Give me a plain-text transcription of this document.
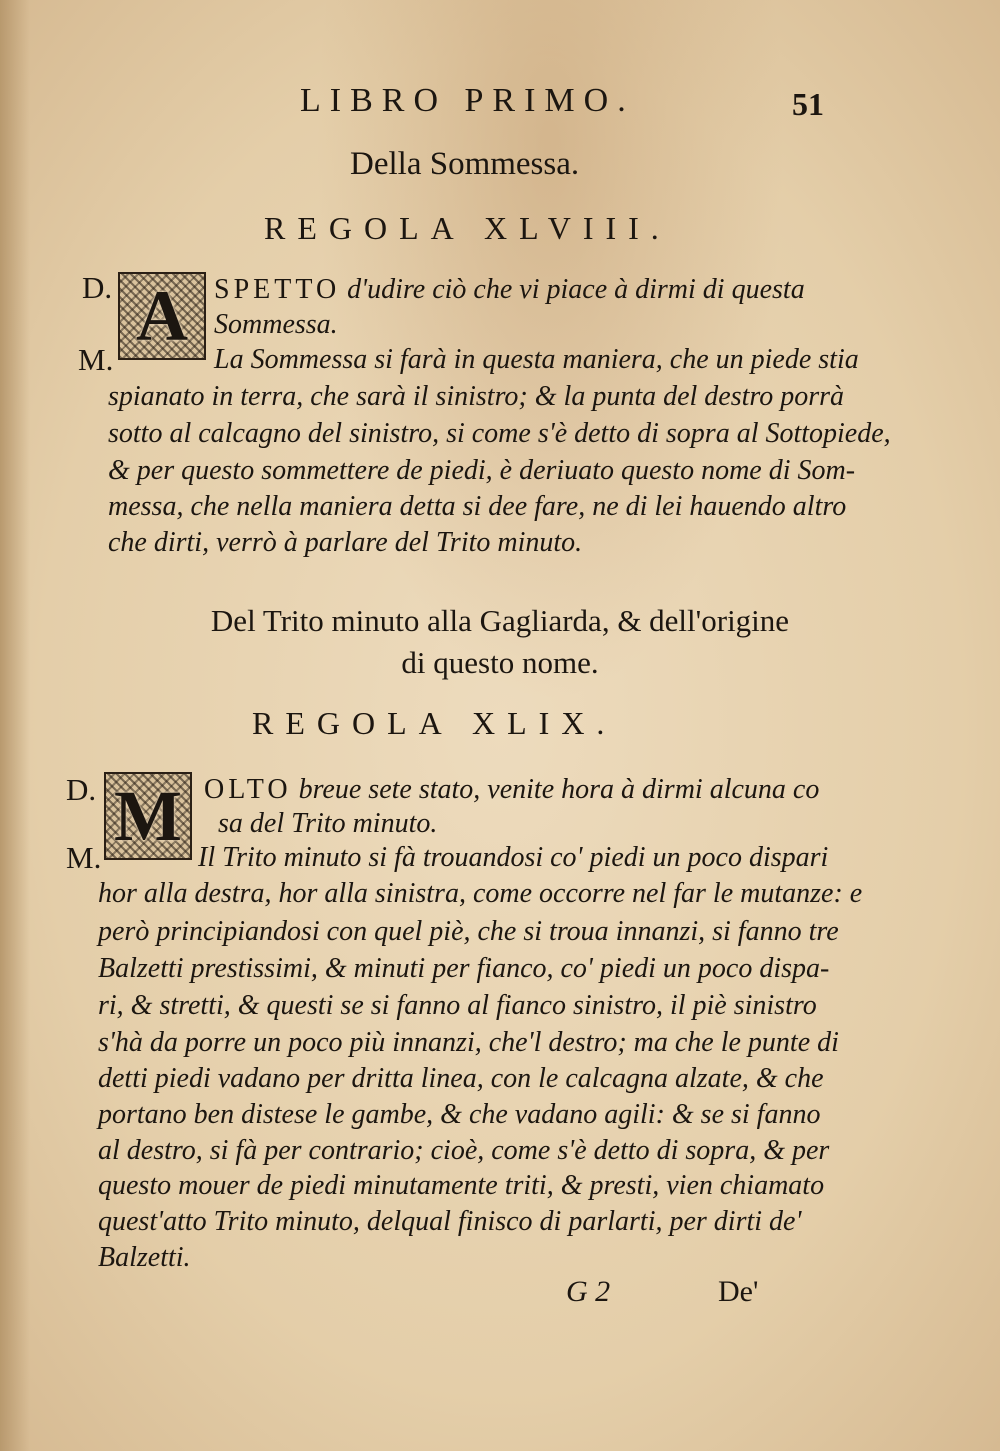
LIBRO PRIMO.	51
Della Sommessa.
REGOLA XLVIII.
D. A SPETTO d'udire ciò che vi piace à dirmi di questa
Sommessa.
M.	La Sommessa si farà in questa maniera, che un piede stia
spianato in terra, che sarà il sinistro; & la punta del destro porrà
sotto al calcagno del sinistro, si come s'è detto di sopra al Sottopiede,
& per questo sommettere de piedi, è deriuato questo nome di Som-
messa, che nella maniera detta si dee fare, ne di lei hauendo altro
che dirti, verrò à parlare del Trito minuto.
Del Trito minuto alla Gagliarda, & dell'origine
di questo nome.
REGOLA XLIX.
D. M OLTO breue sete stato, venite hora à dirmi alcuna co
sa del Trito minuto.
M.	Il Trito minuto si fà trouandosi co' piedi un poco dispari
hor alla destra, hor alla sinistra, come occorre nel far le mutanze: e
però principiandosi con quel piè, che si troua innanzi, si fanno tre
Balzetti prestissimi, & minuti per fianco, co' piedi un poco dispa-
ri, & stretti, & questi se si fanno al fianco sinistro, il piè sinistro
s'hà da porre un poco più innanzi, che'l destro; ma che le punte di
detti piedi vadano per dritta linea, con le calcagna alzate, & che
portano ben distese le gambe, & che vadano agili: & se si fanno
al destro, si fà per contrario; cioè, come s'è detto di sopra, & per
questo mouer de piedi minutamente triti, & presti, vien chiamato
quest'atto Trito minuto, delqual finisco di parlarti, per dirti de'
Balzetti.
G 2	De'
